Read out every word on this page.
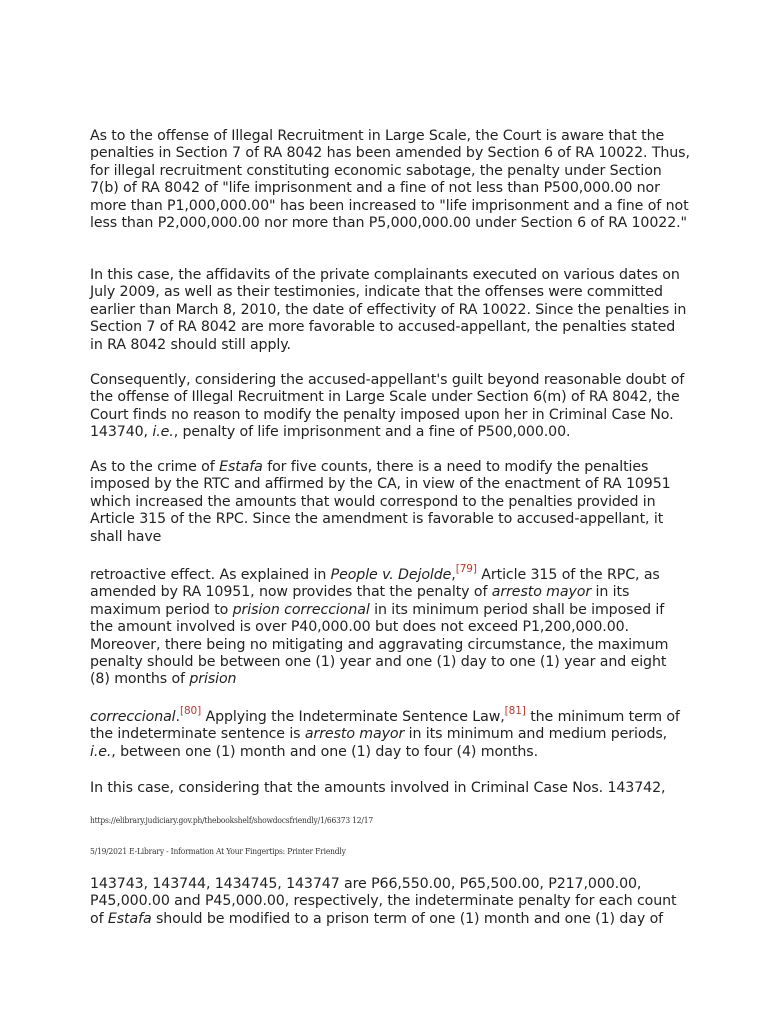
As to the offense of Illegal Recruitment in Large Scale, the Court is aware that the penalties in Section 7 of RA 8042 has been amended by Section 6 of RA 10022. Thus, for illegal recruitment constituting economic sabotage, the penalty under Section 7(b) of RA 8042 of "life imprisonment and a fine of not less than P500,000.00 nor more than P1,000,000.00" has been increased to "life imprisonment and a fine of not less than P2,000,000.00 nor more than P5,000,000.00 under Section 6 of RA 10022."

In this case, the affidavits of the private complainants executed on various dates on July 2009, as well as their testimonies, indicate that the offenses were committed earlier than March 8, 2010, the date of effectivity of RA 10022. Since the penalties in Section 7 of RA 8042 are more favorable to accused-appellant, the penalties stated in RA 8042 should still apply.

Consequently, considering the accused-appellant's guilt beyond reasonable doubt of the offense of Illegal Recruitment in Large Scale under Section 6(m) of RA 8042, the Court finds no reason to modify the penalty imposed upon her in Criminal Case No. 143740, i.e., penalty of life imprisonment and a fine of P500,000.00.

As to the crime of Estafa for five counts, there is a need to modify the penalties imposed by the RTC and affirmed by the CA, in view of the enactment of RA 10951 which increased the amounts that would correspond to the penalties provided in Article 315 of the RPC. Since the amendment is favorable to accused-appellant, it shall have

retroactive effect. As explained in People v. Dejolde,[79] Article 315 of the RPC, as amended by RA 10951, now provides that the penalty of arresto mayor in its maximum period to prision correccional in its minimum period shall be imposed if the amount involved is over P40,000.00 but does not exceed P1,200,000.00. Moreover, there being no mitigating and aggravating circumstance, the maximum penalty should be between one (1) year and one (1) day to one (1) year and eight (8) months of prision

correccional.[80] Applying the Indeterminate Sentence Law,[81] the minimum term of the indeterminate sentence is arresto mayor in its minimum and medium periods, i.e., between one (1) month and one (1) day to four (4) months.

In this case, considering that the amounts involved in Criminal Case Nos. 143742,

https://elibrary.judiciary.gov.ph/thebookshelf/showdocsfriendly/1/66373 12/17

5/19/2021 E-Library - Information At Your Fingertips: Printer Friendly

143743, 143744, 1434745, 143747 are P66,550.00, P65,500.00, P217,000.00, P45,000.00 and P45,000.00, respectively, the indeterminate penalty for each count of Estafa should be modified to a prison term of one (1) month and one (1) day of
